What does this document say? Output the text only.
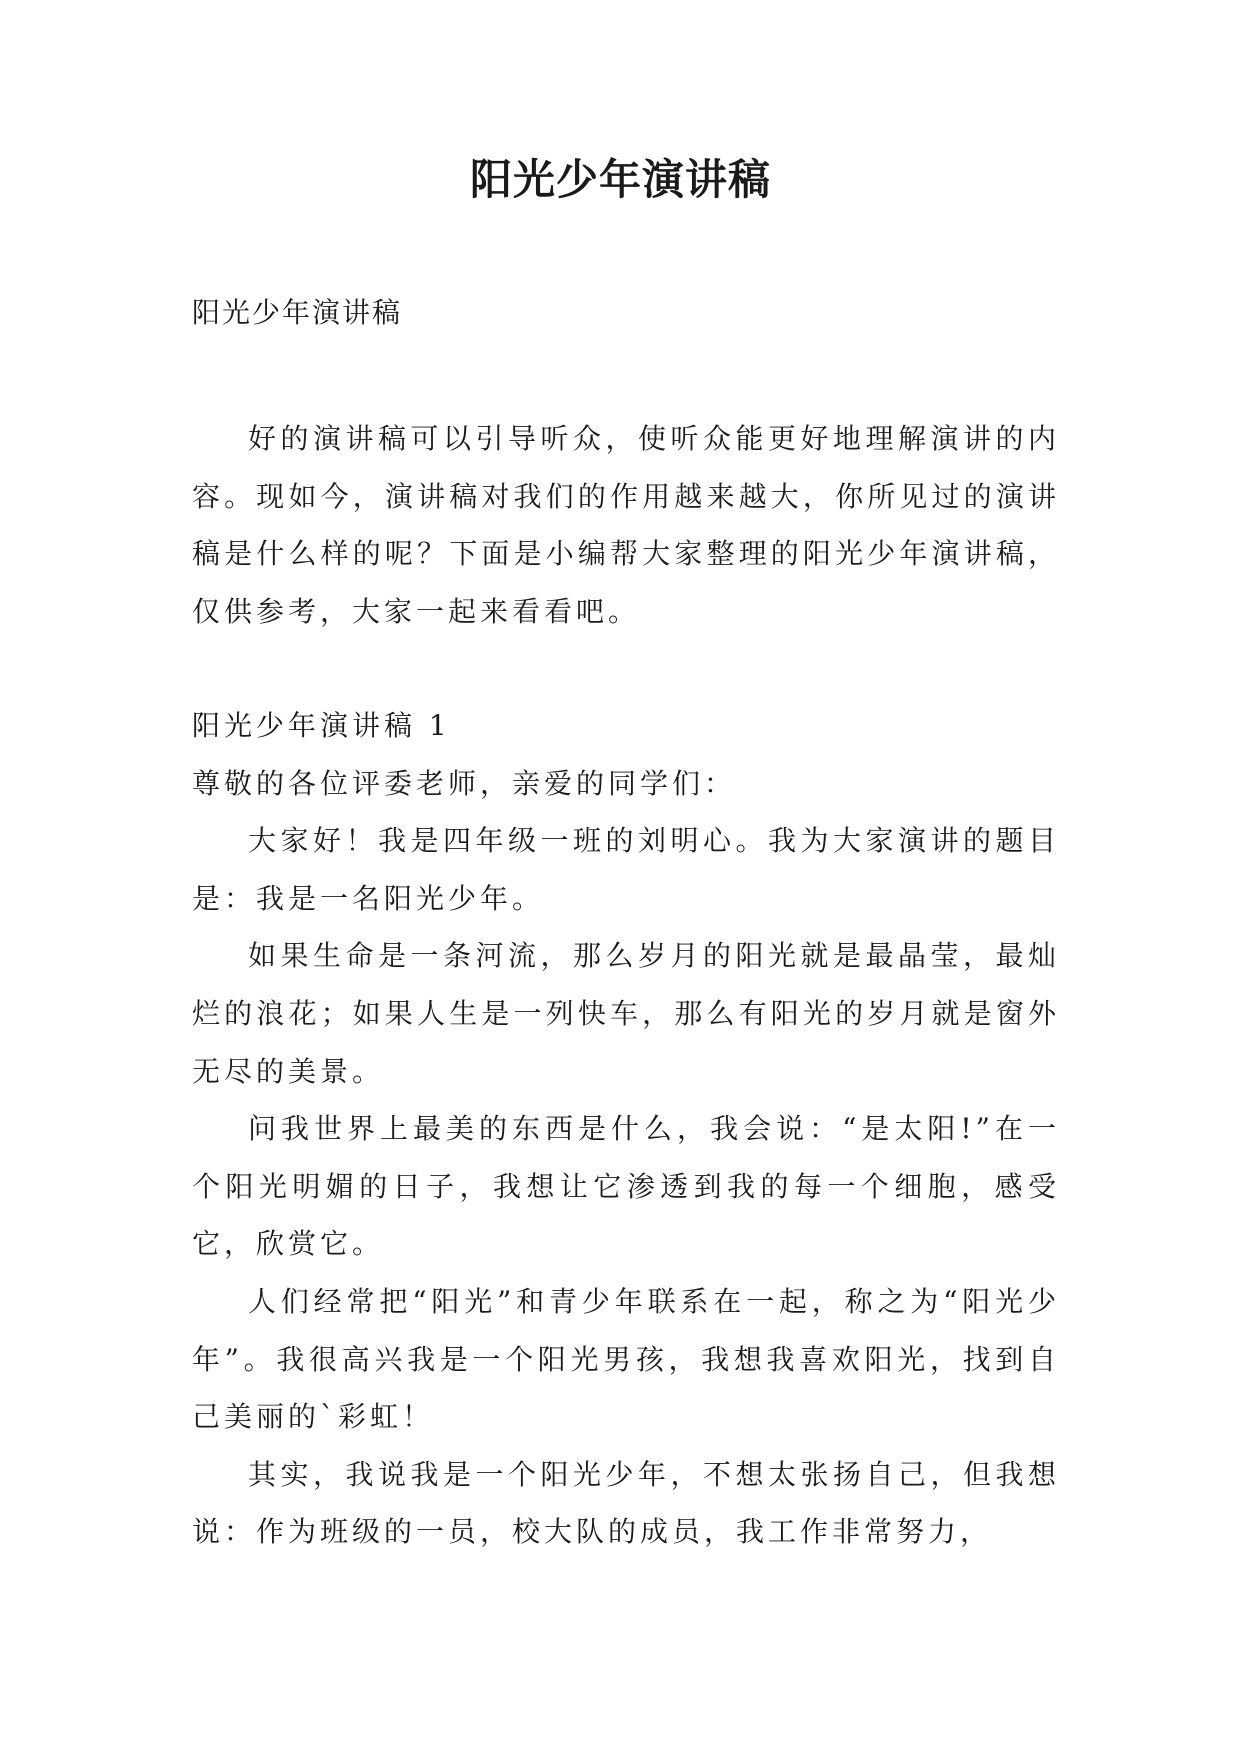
阳光少年演讲稿
阳光少年演讲稿

好的演讲稿可以引导听众，使听众能更好地理解演讲的内容。现如今，演讲稿对我们的作用越来越大，你所见过的演讲稿是什么样的呢？下面是小编帮大家整理的阳光少年演讲稿，仅供参考，大家一起来看看吧。

阳光少年演讲稿 1

尊敬的各位评委老师，亲爱的同学们：

大家好！我是四年级一班的刘明心。我为大家演讲的题目是：我是一名阳光少年。

如果生命是一条河流，那么岁月的阳光就是最晶莹，最灿烂的浪花；如果人生是一列快车，那么有阳光的岁月就是窗外无尽的美景。

问我世界上最美的东西是什么，我会说：“是太阳!”在一个阳光明媚的日子，我想让它渗透到我的每一个细胞，感受它，欣赏它。

人们经常把“阳光”和青少年联系在一起，称之为“阳光少年”。我很高兴我是一个阳光男孩，我想我喜欢阳光，找到自己美丽的`彩虹！

其实，我说我是一个阳光少年，不想太张扬自己，但我想说：作为班级的一员，校大队的成员，我工作非常努力，
